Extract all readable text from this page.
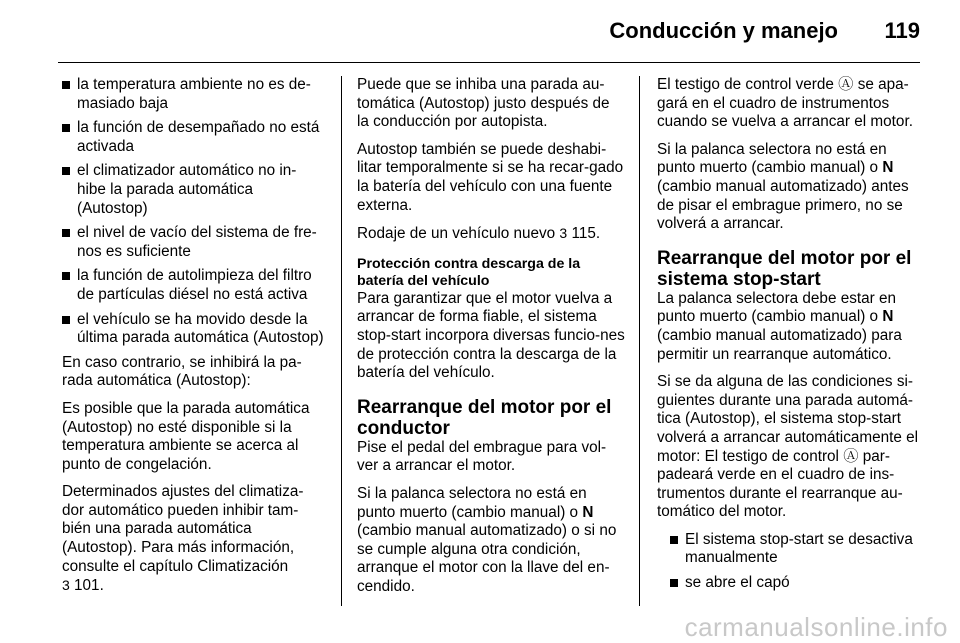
Conducción y manejo 119
la temperatura ambiente no es de-masiado baja
la función de desempañado no está activada
el climatizador automático no in-hibe la parada automática (Autostop)
el nivel de vacío del sistema de fre-nos es suficiente
la función de autolimpieza del filtro de partículas diésel no está activa
el vehículo se ha movido desde la última parada automática (Autostop)

En caso contrario, se inhibirá la pa-rada automática (Autostop):

Es posible que la parada automática (Autostop) no esté disponible si la temperatura ambiente se acerca al punto de congelación.

Determinados ajustes del climatiza-dor automático pueden inhibir tam-bién una parada automática (Autostop). Para más información, consulte el capítulo Climatización
3 101.

Puede que se inhiba una parada au-tomática (Autostop) justo después de la conducción por autopista.

Autostop también se puede deshabi-litar temporalmente si se ha recar-gado la batería del vehículo con una fuente externa.

Rodaje de un vehículo nuevo 3 115.

Protección contra descarga de la batería del vehículo

Para garantizar que el motor vuelva a arrancar de forma fiable, el sistema stop-start incorpora diversas funcio-nes de protección contra la descarga de la batería del vehículo.

Rearranque del motor por el conductor

Pise el pedal del embrague para vol-ver a arrancar el motor.

Si la palanca selectora no está en punto muerto (cambio manual) o N (cambio manual automatizado) o si no se cumple alguna otra condición, arranque el motor con la llave del en-cendido.

El testigo de control verde Ⓐ se apa-gará en el cuadro de instrumentos cuando se vuelva a arrancar el motor.

Si la palanca selectora no está en punto muerto (cambio manual) o N (cambio manual automatizado) antes de pisar el embrague primero, no se volverá a arrancar.

Rearranque del motor por el sistema stop-start

La palanca selectora debe estar en punto muerto (cambio manual) o N (cambio manual automatizado) para permitir un rearranque automático.

Si se da alguna de las condiciones si-guientes durante una parada automá-tica (Autostop), el sistema stop-start volverá a arrancar automáticamente el motor: El testigo de control Ⓐ par-padeará verde en el cuadro de ins-trumentos durante el rearranque au-tomático del motor.

El sistema stop-start se desactiva manualmente
se abre el capó
carmanualsonline.info
